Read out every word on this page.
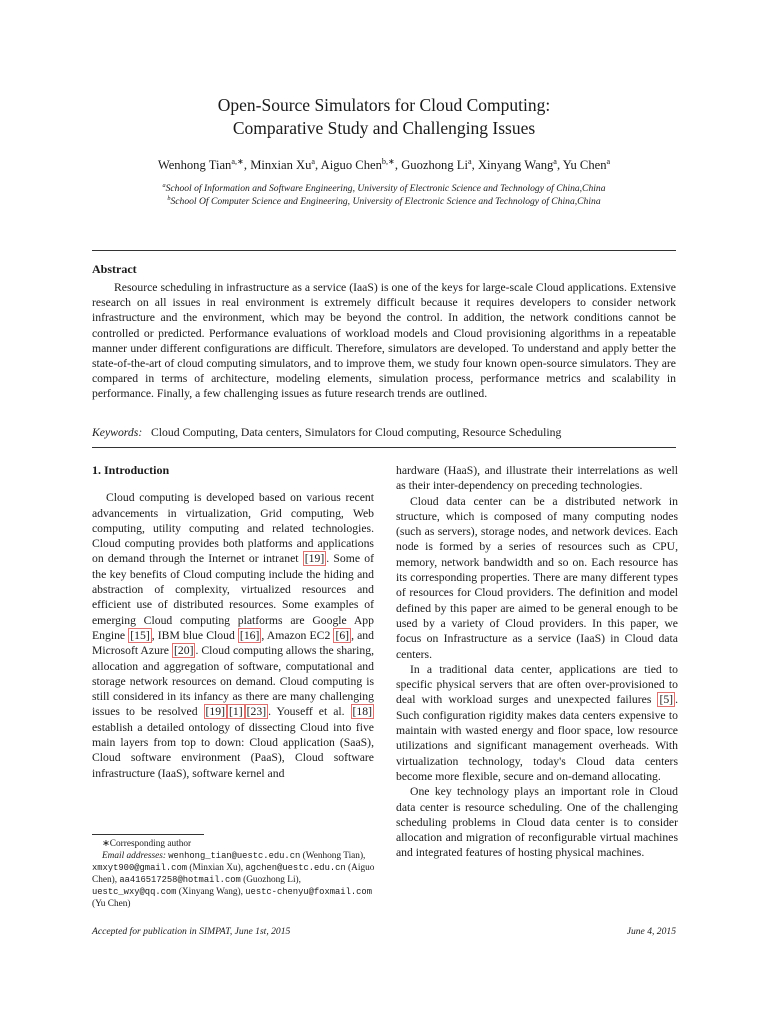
Open-Source Simulators for Cloud Computing:
Comparative Study and Challenging Issues
Wenhong Tian$^{a,∗}$, Minxian Xu$^a$, Aiguo Chen$^{b,∗}$, Guozhong Li$^a$, Xinyang Wang$^a$, Yu Chen$^a$
$^a$School of Information and Software Engineering, University of Electronic Science and Technology of China,China
$^b$School Of Computer Science and Engineering, University of Electronic Science and Technology of China,China
Abstract
Resource scheduling in infrastructure as a service (IaaS) is one of the keys for large-scale Cloud applications. Extensive research on all issues in real environment is extremely difficult because it requires developers to consider network infrastructure and the environment, which may be beyond the control. In addition, the network conditions cannot be controlled or predicted. Performance evaluations of workload models and Cloud provisioning algorithms in a repeatable manner under different configurations are difficult. Therefore, simulators are developed. To understand and apply better the state-of-the-art of cloud computing simulators, and to improve them, we study four known open-source simulators. They are compared in terms of architecture, modeling elements, simulation process, performance metrics and scalability in performance. Finally, a few challenging issues as future research trends are outlined.
Keywords: Cloud Computing, Data centers, Simulators for Cloud computing, Resource Scheduling
1. Introduction

Cloud computing is developed based on various recent advancements in virtualization, Grid computing, Web computing, utility computing and related technologies. Cloud computing provides both platforms and applications on demand through the Internet or intranet [19] . Some of the key benefits of Cloud computing include the hiding and abstraction of complexity, virtualized resources and efficient use of distributed resources. Some examples of emerging Cloud computing platforms are Google App Engine [15] , IBM blue Cloud [16] , Amazon EC2 [6] , and Microsoft Azure [20] . Cloud computing allows the sharing, allocation and aggregation of software, computational and storage network resources on demand. Cloud computing is still considered in its infancy as there are many challenging issues to be resolved [19] [1] [23] . Youseff et al. [18] establish a detailed ontology of dissecting Cloud into five main layers from top to down: Cloud application (SaaS), Cloud software environment (PaaS), Cloud software infrastructure (IaaS), software kernel and

hardware (HaaS), and illustrate their interrelations as well as their inter-dependency on preceding technologies.

Cloud data center can be a distributed network in structure, which is composed of many computing nodes (such as servers), storage nodes, and network devices. Each node is formed by a series of resources such as CPU, memory, network bandwidth and so on. Each resource has its corresponding properties. There are many different types of resources for Cloud providers. The definition and model defined by this paper are aimed to be general enough to be used by a variety of Cloud providers. In this paper, we focus on Infrastructure as a service (IaaS) in Cloud data centers.

In a traditional data center, applications are tied to specific physical servers that are often over-provisioned to deal with workload surges and unexpected failures [5] . Such configuration rigidity makes data centers expensive to maintain with wasted energy and floor space, low resource utilizations and significant management overheads. With virtualization technology, today's Cloud data centers become more flexible, secure and on-demand allocating.

One key technology plays an important role in Cloud data center is resource scheduling. One of the challenging scheduling problems in Cloud data center is to consider allocation and migration of reconfigurable virtual machines and integrated features of hosting physical machines.

∗Corresponding author
Email addresses: wenhong_tian@uestc.edu.cn (Wenhong Tian), xmxyt900@gmail.com (Minxian Xu), agchen@uestc.edu.cn (Aiguo Chen), aa416517258@hotmail.com (Guozhong Li), uestc_wxy@qq.com (Xinyang Wang), uestc-chenyu@foxmail.com (Yu Chen)
Accepted for publication in SIMPAT, June 1st, 2015	June 4, 2015
